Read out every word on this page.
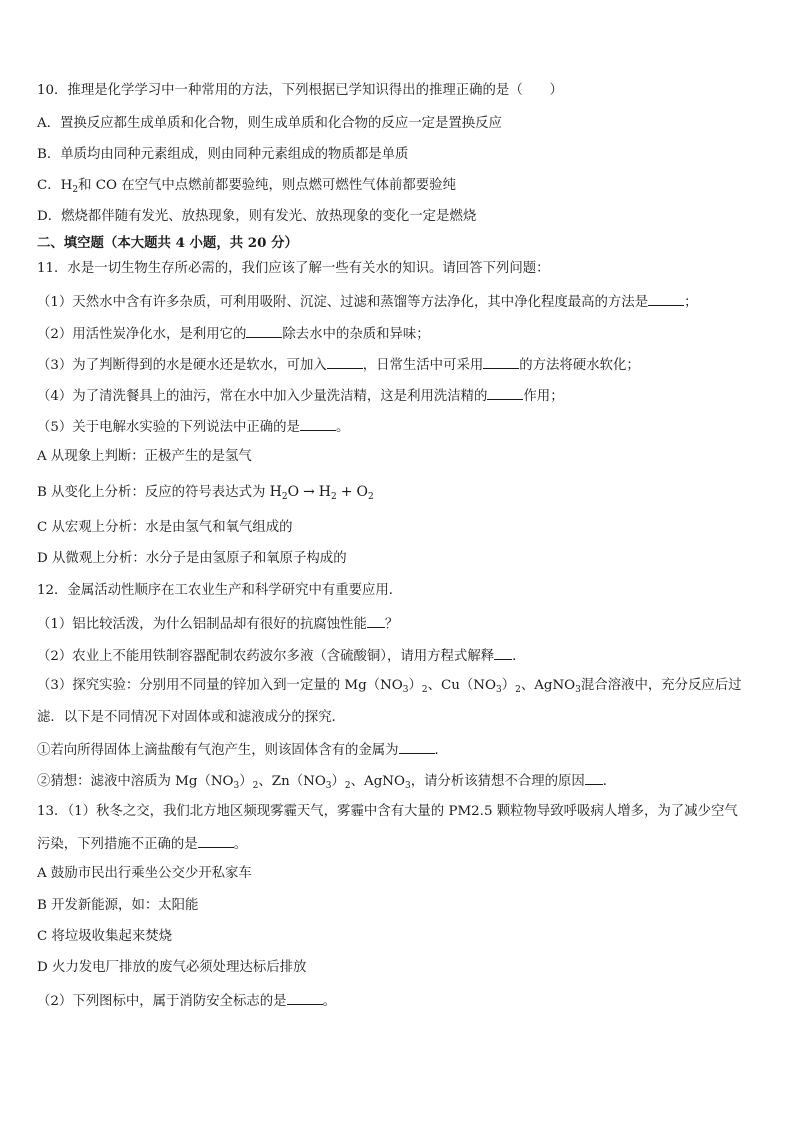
10．推理是化学学习中一种常用的方法，下列根据已学知识得出的推理正确的是（　　）
A．置换反应都生成单质和化合物，则生成单质和化合物的反应一定是置换反应
B．单质均由同种元素组成，则由同种元素组成的物质都是单质
C．$H_2$和 CO 在空气中点燃前都要验纯，则点燃可燃性气体前都要验纯
D．燃烧都伴随有发光、放热现象，则有发光、放热现象的变化一定是燃烧
二、填空题（本大题共 4 小题，共 20 分）
11．水是一切生物生存所必需的，我们应该了解一些有关水的知识。请回答下列问题：
（1）天然水中含有许多杂质，可利用吸附、沉淀、过滤和蒸馏等方法净化，其中净化程度最高的方法是	；
（2）用活性炭净化水，是利用它的	除去水中的杂质和异味；
（3）为了判断得到的水是硬水还是软水，可加入	，日常生活中可采用	的方法将硬水软化；
（4）为了清洗餐具上的油污，常在水中加入少量洗洁精，这是利用洗洁精的	作用；
（5）关于电解水实验的下列说法中正确的是	。
A 从现象上判断：正极产生的是氢气
B 从变化上分析：反应的符号表达式为 $H_2O \to H_2 + O_2$
C 从宏观上分析：水是由氢气和氧气组成的
D 从微观上分析：水分子是由氢原子和氧原子构成的
12．金属活动性顺序在工农业生产和科学研究中有重要应用．
（1）铝比较活泼，为什么铝制品却有很好的抗腐蚀性能 ？
（2）农业上不能用铁制容器配制农药波尔多液（含硫酸铜），请用方程式解释 ．
（3）探究实验：分别用不同量的锌加入到一定量的 $Mg(NO_3)_2$、$Cu(NO_3)_2$、AgNO$_3$混合溶液中，充分反应后过
滤．以下是不同情况下对固体或和滤液成分的探究．
①若向所得固体上滴盐酸有气泡产生，则该固体含有的金属为	．
②猜想：滤液中溶质为 $Mg(NO_3)_2$、$Zn(NO_3)_2$、AgNO$_3$，请分析该猜想不合理的原因 ．
13．（1）秋冬之交，我们北方地区频现雾霾天气，雾霾中含有大量的 PM2.5 颗粒物导致呼吸病人增多，为了减少空气
污染，下列措施不正确的是	。
A 鼓励市民出行乘坐公交少开私家车
B 开发新能源，如：太阳能
C 将垃圾收集起来焚烧
D 火力发电厂排放的废气必须处理达标后排放
（2）下列图标中，属于消防安全标志的是	。
